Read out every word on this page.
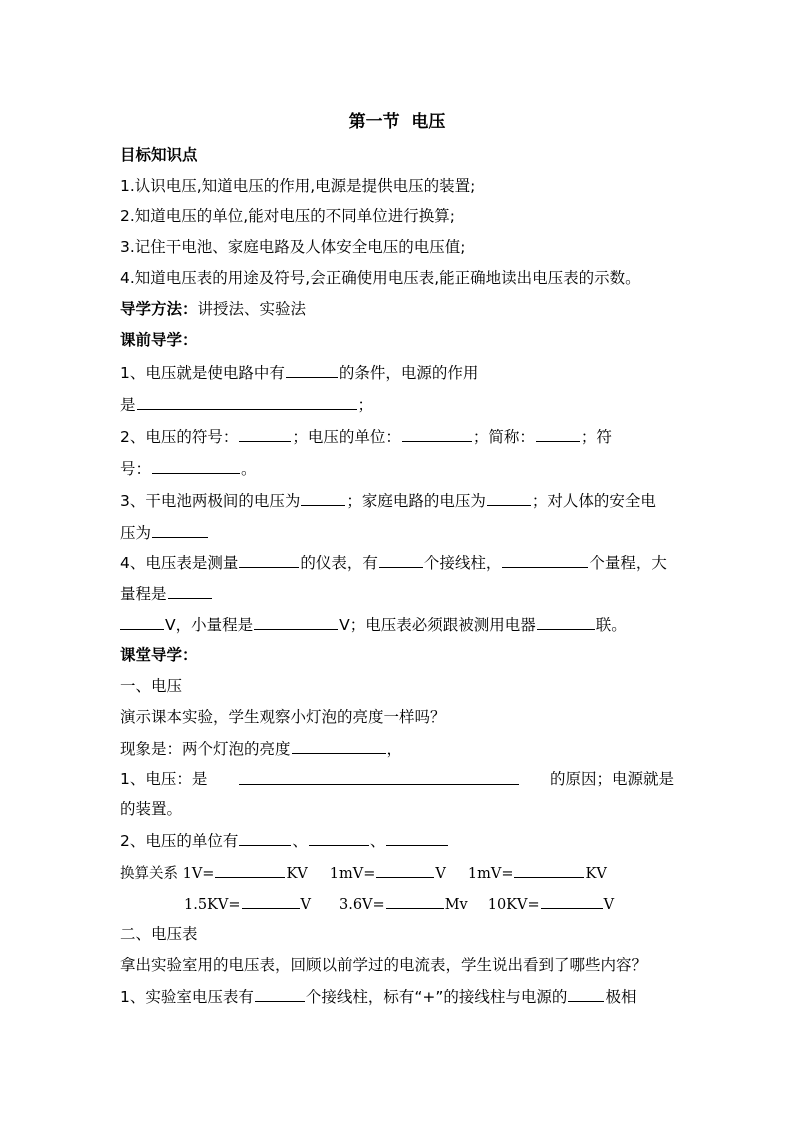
第一节  电压
目标知识点
1.认识电压,知道电压的作用,电源是提供电压的装置;
2.知道电压的单位,能对电压的不同单位进行换算;
3.记住干电池、家庭电路及人体安全电压的电压值;
4.知道电压表的用途及符号,会正确使用电压表,能正确地读出电压表的示数。
导学方法：讲授法、实验法
课前导学：
1、电压就是使电路中有	的条件，电源的作用
是	；
2、电压的符号：	；电压的单位：	；简称：	；符
号：	。
3、干电池两极间的电压为	；家庭电路的电压为	；对人体的安全电
压为
4、电压表是测量	的仪表，有	个接线柱，	个量程，大
量程是
V，小量程是	V；电压表必须跟被测用电器	联。
课堂导学：
一、电压
演示课本实验，学生观察小灯泡的亮度一样吗？
现象是：两个灯泡的亮度	，
1、电压：是	的原因；电源就是
的装置。
2、电压的单位有	、	、
换算关系 1V=	KV 1mV=	V 1mV=	KV
1.5KV=	V 3.6V=	Mv 10KV=	V
二、电压表
拿出实验室用的电压表，回顾以前学过的电流表，学生说出看到了哪些内容？
1、实验室电压表有	个接线柱，标有“+”的接线柱与电源的 极相
